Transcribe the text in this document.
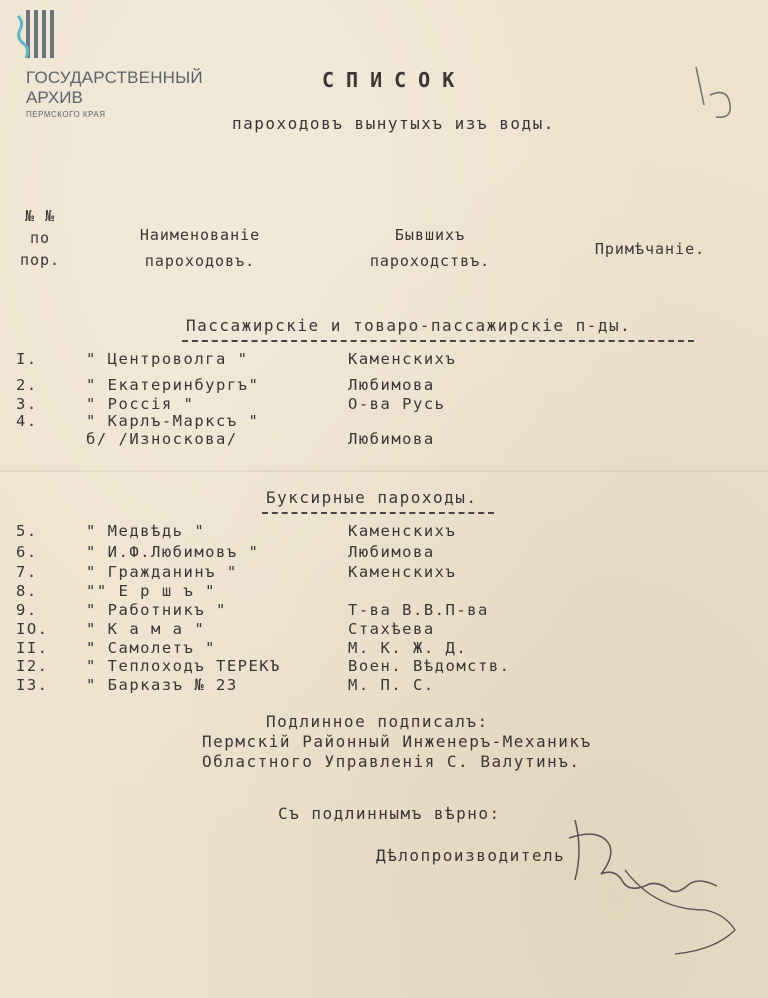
ГОСУДАРСТВЕННЫЙ
АРХИВ
ПЕРМСКОГО КРАЯ
СПИСОК
пароходовъ вынутыхъ изъ воды.
№ №
по
пор.
Наименованіе
пароходовъ.
Бывшихъ
пароходствъ.
Примѣчаніе.
Пассажирскіе и товаро-пассажирскіе п-ды.
I.	" Центроволга "	Каменскихъ
2.	" Екатеринбургъ"	Любимова
3.	" Россія "	О-ва Русь
4.	" Карлъ-Марксъ "
б/ /Износкова/	Любимова
Буксирные пароходы.
5.	" Медвѣдь "	Каменскихъ
6.	" И.Ф.Любимовъ "	Любимова
7.	" Гражданинъ "	Каменскихъ
8.	"" Е р ш ъ "
9.	" Работникъ "	Т-ва В.В.П-ва
IO. " К а м а "	Стахѣева
II. " Самолетъ "	М. К. Ж. Д.
I2. " Теплоходъ ТЕРЕКЪ	Воен. Вѣдомств.
I3. " Барказъ № 23	М. П. С.
Подлинное подписалъ:
Пермскій Районный Инженеръ-Механикъ
Областного Управленія С. Валутинъ.
Съ подлиннымъ вѣрно:
Дѣлопроизводитель
